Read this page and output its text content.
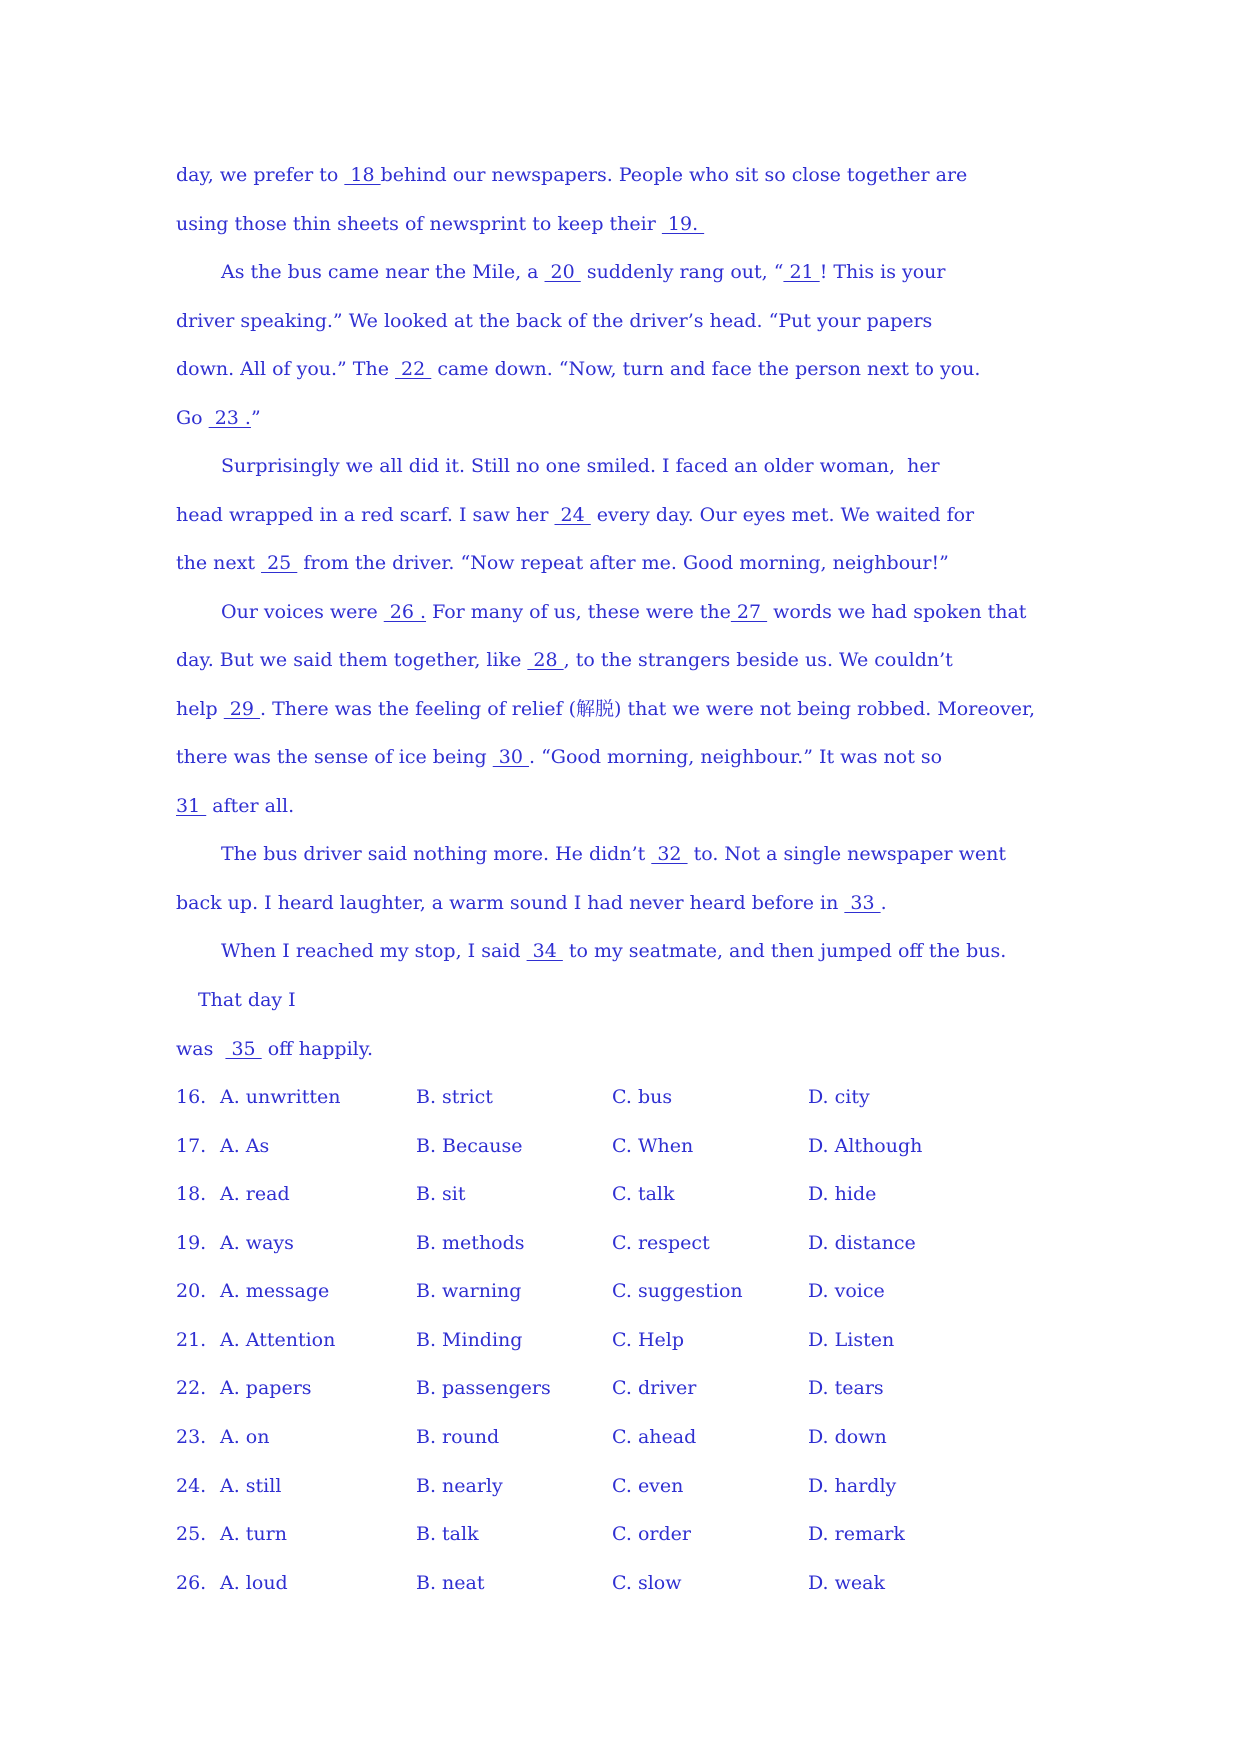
day, we prefer to  18 behind our newspapers. People who sit so close together are
using those thin sheets of newsprint to keep their  19.
As the bus came near the Mile, a  20  suddenly rang out, “ 21 ! This is your
driver speaking.” We looked at the back of the driver’s head. “Put your papers
down. All of you.” The  22  came down. “Now, turn and face the person next to you.
Go  23 .”
Surprisingly we all did it. Still no one smiled. I faced an older woman,  her
head wrapped in a red scarf. I saw her  24  every day. Our eyes met. We waited for
the next  25  from the driver. “Now repeat after me. Good morning, neighbour!”
Our voices were  26 . For many of us, these were the 27  words we had spoken that
day. But we said them together, like  28 , to the strangers beside us. We couldn’t
help  29 . There was the feeling of relief (解脱) that we were not being robbed. Moreover,
there was the sense of ice being  30 . “Good morning, neighbour.” It was not so
31  after all.
The bus driver said nothing more. He didn’t  32  to. Not a single newspaper went
back up. I heard laughter, a warm sound I had never heard before in  33 .
When I reached my stop, I said  34  to my seatmate, and then jumped off the bus.
That day I
was   35  off happily.
16. A. unwritten	B. strict	C. bus	D. city
17. A. As	B. Because	C. When	D. Although
18. A. read	B. sit	C. talk	D. hide
19. A. ways	B. methods	C. respect	D. distance
20. A. message	B. warning	C. suggestion	D. voice
21. A. Attention	B. Minding	C. Help	D. Listen
22. A. papers	B. passengers	C. driver	D. tears
23. A. on	B. round	C. ahead	D. down
24. A. still	B. nearly	C. even	D. hardly
25. A. turn	B. talk	C. order	D. remark
26. A. loud	B. neat	C. slow	D. weak
